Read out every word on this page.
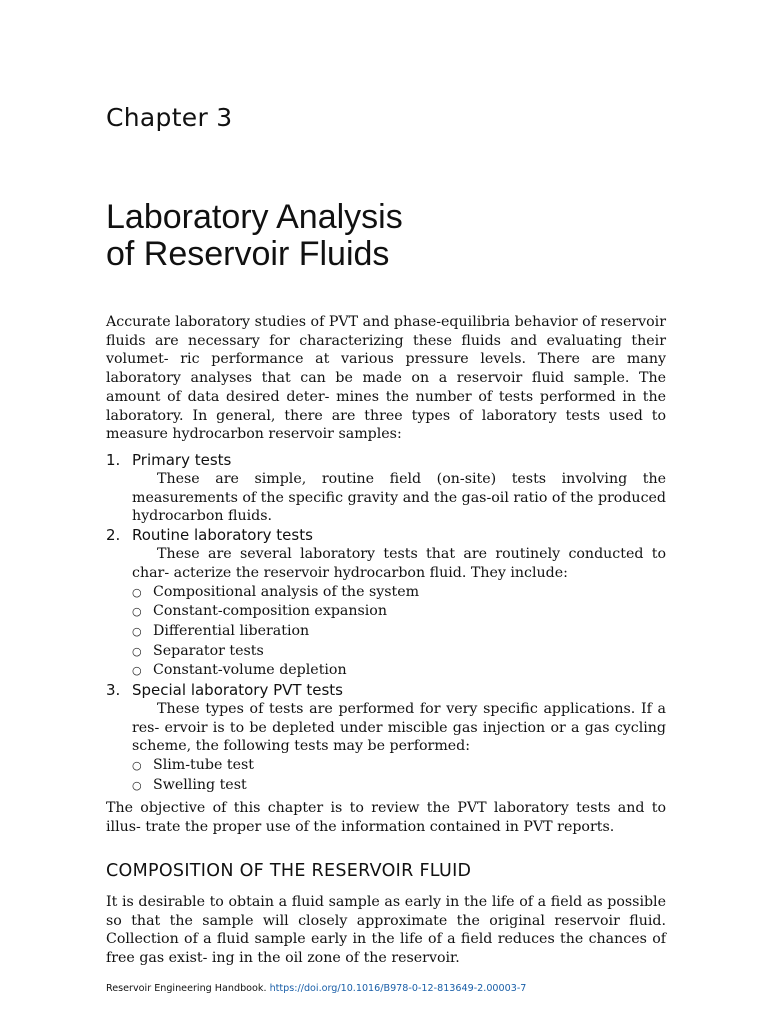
Chapter 3
Laboratory Analysis
of Reservoir Fluids

Accurate laboratory studies of PVT and phase-equilibria behavior of reservoir fluids are necessary for characterizing these fluids and evaluating their volumet- ric performance at various pressure levels. There are many laboratory analyses that can be made on a reservoir fluid sample. The amount of data desired deter- mines the number of tests performed in the laboratory. In general, there are three types of laboratory tests used to measure hydrocarbon reservoir samples:

1. Primary tests
These are simple, routine field (on-site) tests involving the measurements of the specific gravity and the gas-oil ratio of the produced hydrocarbon fluids.
2. Routine laboratory tests
These are several laboratory tests that are routinely conducted to char- acterize the reservoir hydrocarbon fluid. They include:
○ Compositional analysis of the system
○ Constant-composition expansion
○ Differential liberation
○ Separator tests
○ Constant-volume depletion
3. Special laboratory PVT tests
These types of tests are performed for very specific applications. If a res- ervoir is to be depleted under miscible gas injection or a gas cycling scheme, the following tests may be performed:
○ Slim-tube test
○ Swelling test

The objective of this chapter is to review the PVT laboratory tests and to illus- trate the proper use of the information contained in PVT reports.

COMPOSITION OF THE RESERVOIR FLUID

It is desirable to obtain a fluid sample as early in the life of a field as possible so that the sample will closely approximate the original reservoir fluid. Collection of a fluid sample early in the life of a field reduces the chances of free gas exist- ing in the oil zone of the reservoir.

Reservoir Engineering Handbook. https://doi.org/10.1016/B978-0-12-813649-2.00003-7
